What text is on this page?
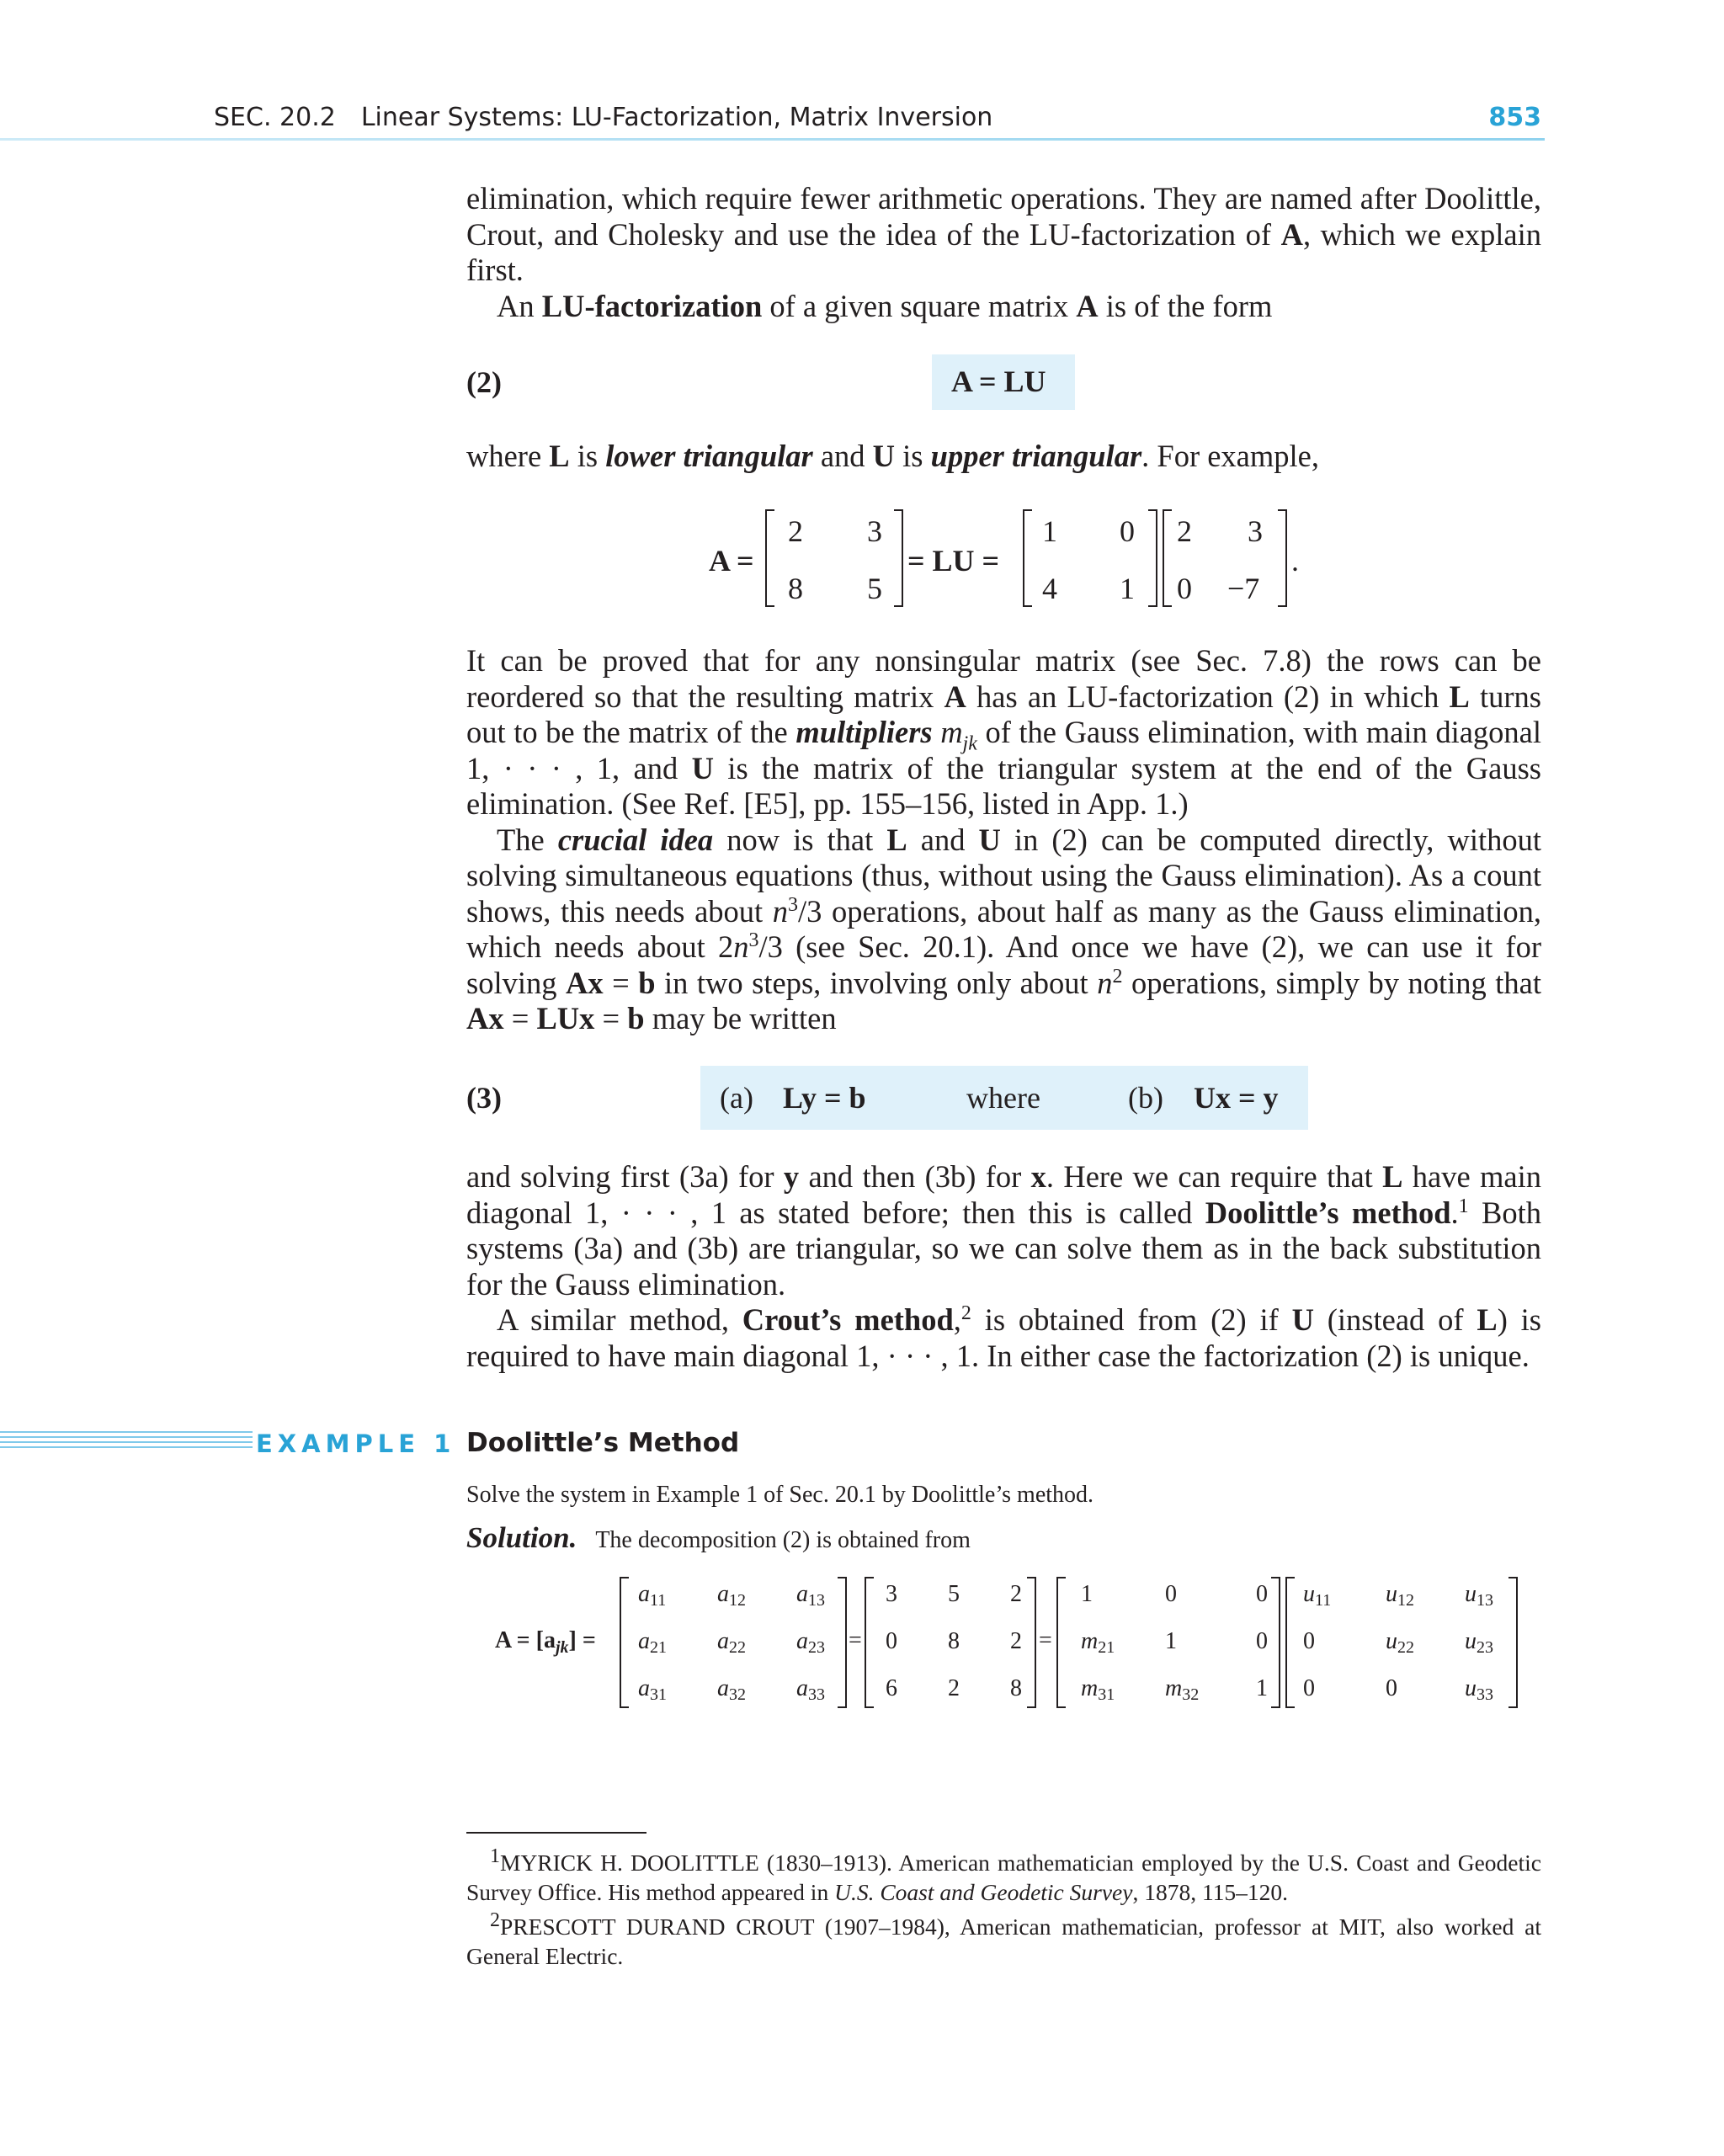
SEC. 20.2 Linear Systems: LU-Factorization, Matrix Inversion	853

elimination, which require fewer arithmetic operations. They are named after Doolittle, Crout, and Cholesky and use the idea of the LU-factorization of A, which we explain first.

An LU-factorization of a given square matrix A is of the form

(2)	A = LU

where L is lower triangular and U is upper triangular. For example,

A =
2 3
8 5
= LU =
1 0
4 1
2 3
0 −7
.

It can be proved that for any nonsingular matrix (see Sec. 7.8) the rows can be reordered so that the resulting matrix A has an LU-factorization (2) in which L turns out to be the matrix of the multipliers $m_{jk}$ of the Gauss elimination, with main diagonal 1, · · · , 1, and U is the matrix of the triangular system at the end of the Gauss elimination. (See Ref. [E5], pp. 155–156, listed in App. 1.)

The crucial idea now is that L and U in (2) can be computed directly, without solving simultaneous equations (thus, without using the Gauss elimination). As a count shows, this needs about $n^3/3$ operations, about half as many as the Gauss elimination, which needs about $2n^3/3$ (see Sec. 20.1). And once we have (2), we can use it for solving Ax = b in two steps, involving only about $n^2$ operations, simply by noting that Ax = LUx = b may be written

(3)	(a) Ly = b	where	(b) Ux = y

and solving first (3a) for y and then (3b) for x. Here we can require that L have main diagonal 1, · · · , 1 as stated before; then this is called Doolittle’s method.$^1$ Both systems (3a) and (3b) are triangular, so we can solve them as in the back substitution for the Gauss elimination.

A similar method, Crout’s method,$^2$ is obtained from (2) if U (instead of L) is required to have main diagonal 1, · · · , 1. In either case the factorization (2) is unique.

EXAMPLE 1 Doolittle’s Method
Solve the system in Example 1 of Sec. 20.1 by Doolittle’s method.
Solution. The decomposition (2) is obtained from
$A = [a_{jk}]$ =
a11 a12 a13
a21 a22 a23
a31 a32 a33
=
3 5 2
0 8 2
6 2 8
=
1	0	0
m21 1	0
m31 m32 1
u11 u12 u13
0	u22 u23
0	0	u33

$^1$MYRICK H. DOOLITTLE (1830–1913). American mathematician employed by the U.S. Coast and Geodetic Survey Office. His method appeared in U.S. Coast and Geodetic Survey, 1878, 115–120.

$^2$PRESCOTT DURAND CROUT (1907–1984), American mathematician, professor at MIT, also worked at General Electric.
